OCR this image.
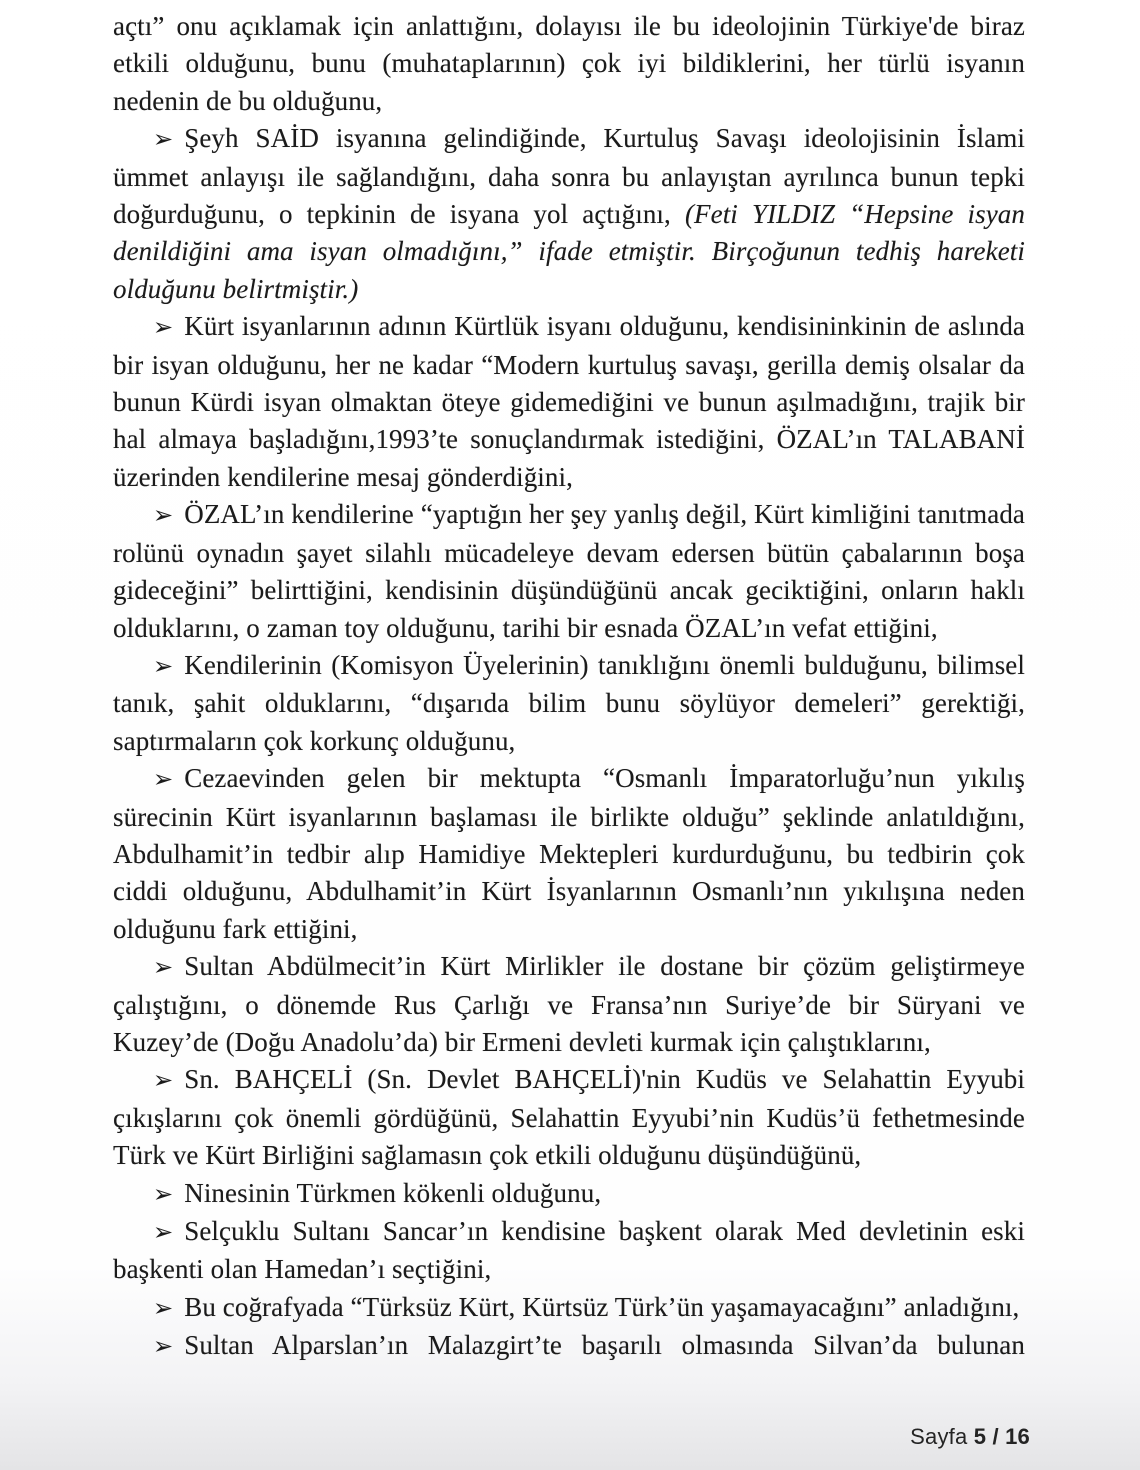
açtı” onu açıklamak için anlattığını, dolayısı ile bu ideolojinin Türkiye'de biraz etkili olduğunu, bunu (muhataplarının) çok iyi bildiklerini, her türlü isyanın nedenin de bu olduğunu,

➢ Şeyh SAİD isyanına gelindiğinde, Kurtuluş Savaşı ideolojisinin İslami ümmet anlayışı ile sağlandığını, daha sonra bu anlayıştan ayrılınca bunun tepki doğurduğunu, o tepkinin de isyana yol açtığını, (Feti YILDIZ “Hepsine isyan denildiğini ama isyan olmadığını,” ifade etmiştir. Birçoğunun tedhiş hareketi olduğunu belirtmiştir.)

➢ Kürt isyanlarının adının Kürtlük isyanı olduğunu, kendisininkinin de aslında bir isyan olduğunu, her ne kadar “Modern kurtuluş savaşı, gerilla demiş olsalar da bunun Kürdi isyan olmaktan öteye gidemediğini ve bunun aşılmadığını, trajik bir hal almaya başladığını,1993’te sonuçlandırmak istediğini, ÖZAL’ın TALABANİ üzerinden kendilerine mesaj gönderdiğini,

➢ ÖZAL’ın kendilerine “yaptığın her şey yanlış değil, Kürt kimliğini tanıtmada rolünü oynadın şayet silahlı mücadeleye devam edersen bütün çabalarının boşa gideceğini” belirttiğini, kendisinin düşündüğünü ancak geciktiğini, onların haklı olduklarını, o zaman toy olduğunu, tarihi bir esnada ÖZAL’ın vefat ettiğini,

➢ Kendilerinin (Komisyon Üyelerinin) tanıklığını önemli bulduğunu, bilimsel tanık, şahit olduklarını, “dışarıda bilim bunu söylüyor demeleri” gerektiği, saptırmaların çok korkunç olduğunu,

➢ Cezaevinden gelen bir mektupta “Osmanlı İmparatorluğu’nun yıkılış sürecinin Kürt isyanlarının başlaması ile birlikte olduğu” şeklinde anlatıldığını, Abdulhamit’in tedbir alıp Hamidiye Mektepleri kurdurduğunu, bu tedbirin çok ciddi olduğunu, Abdulhamit’in Kürt İsyanlarının Osmanlı’nın yıkılışına neden olduğunu fark ettiğini,

➢ Sultan Abdülmecit’in Kürt Mirlikler ile dostane bir çözüm geliştirmeye çalıştığını, o dönemde Rus Çarlığı ve Fransa’nın Suriye’de bir Süryani ve Kuzey’de (Doğu Anadolu’da) bir Ermeni devleti kurmak için çalıştıklarını,

➢ Sn. BAHÇELİ (Sn. Devlet BAHÇELİ)'nin Kudüs ve Selahattin Eyyubi çıkışlarını çok önemli gördüğünü, Selahattin Eyyubi’nin Kudüs’ü fethetmesinde Türk ve Kürt Birliğini sağlamasın çok etkili olduğunu düşündüğünü,

➢ Ninesinin Türkmen kökenli olduğunu,

➢ Selçuklu Sultanı Sancar’ın kendisine başkent olarak Med devletinin eski başkenti olan Hamedan’ı seçtiğini,

➢ Bu coğrafyada “Türksüz Kürt, Kürtsüz Türk’ün yaşamayacağını” anladığını,

➢ Sultan Alparslan’ın Malazgirt’te başarılı olmasında Silvan’da bulunan

Sayfa 5 / 16
